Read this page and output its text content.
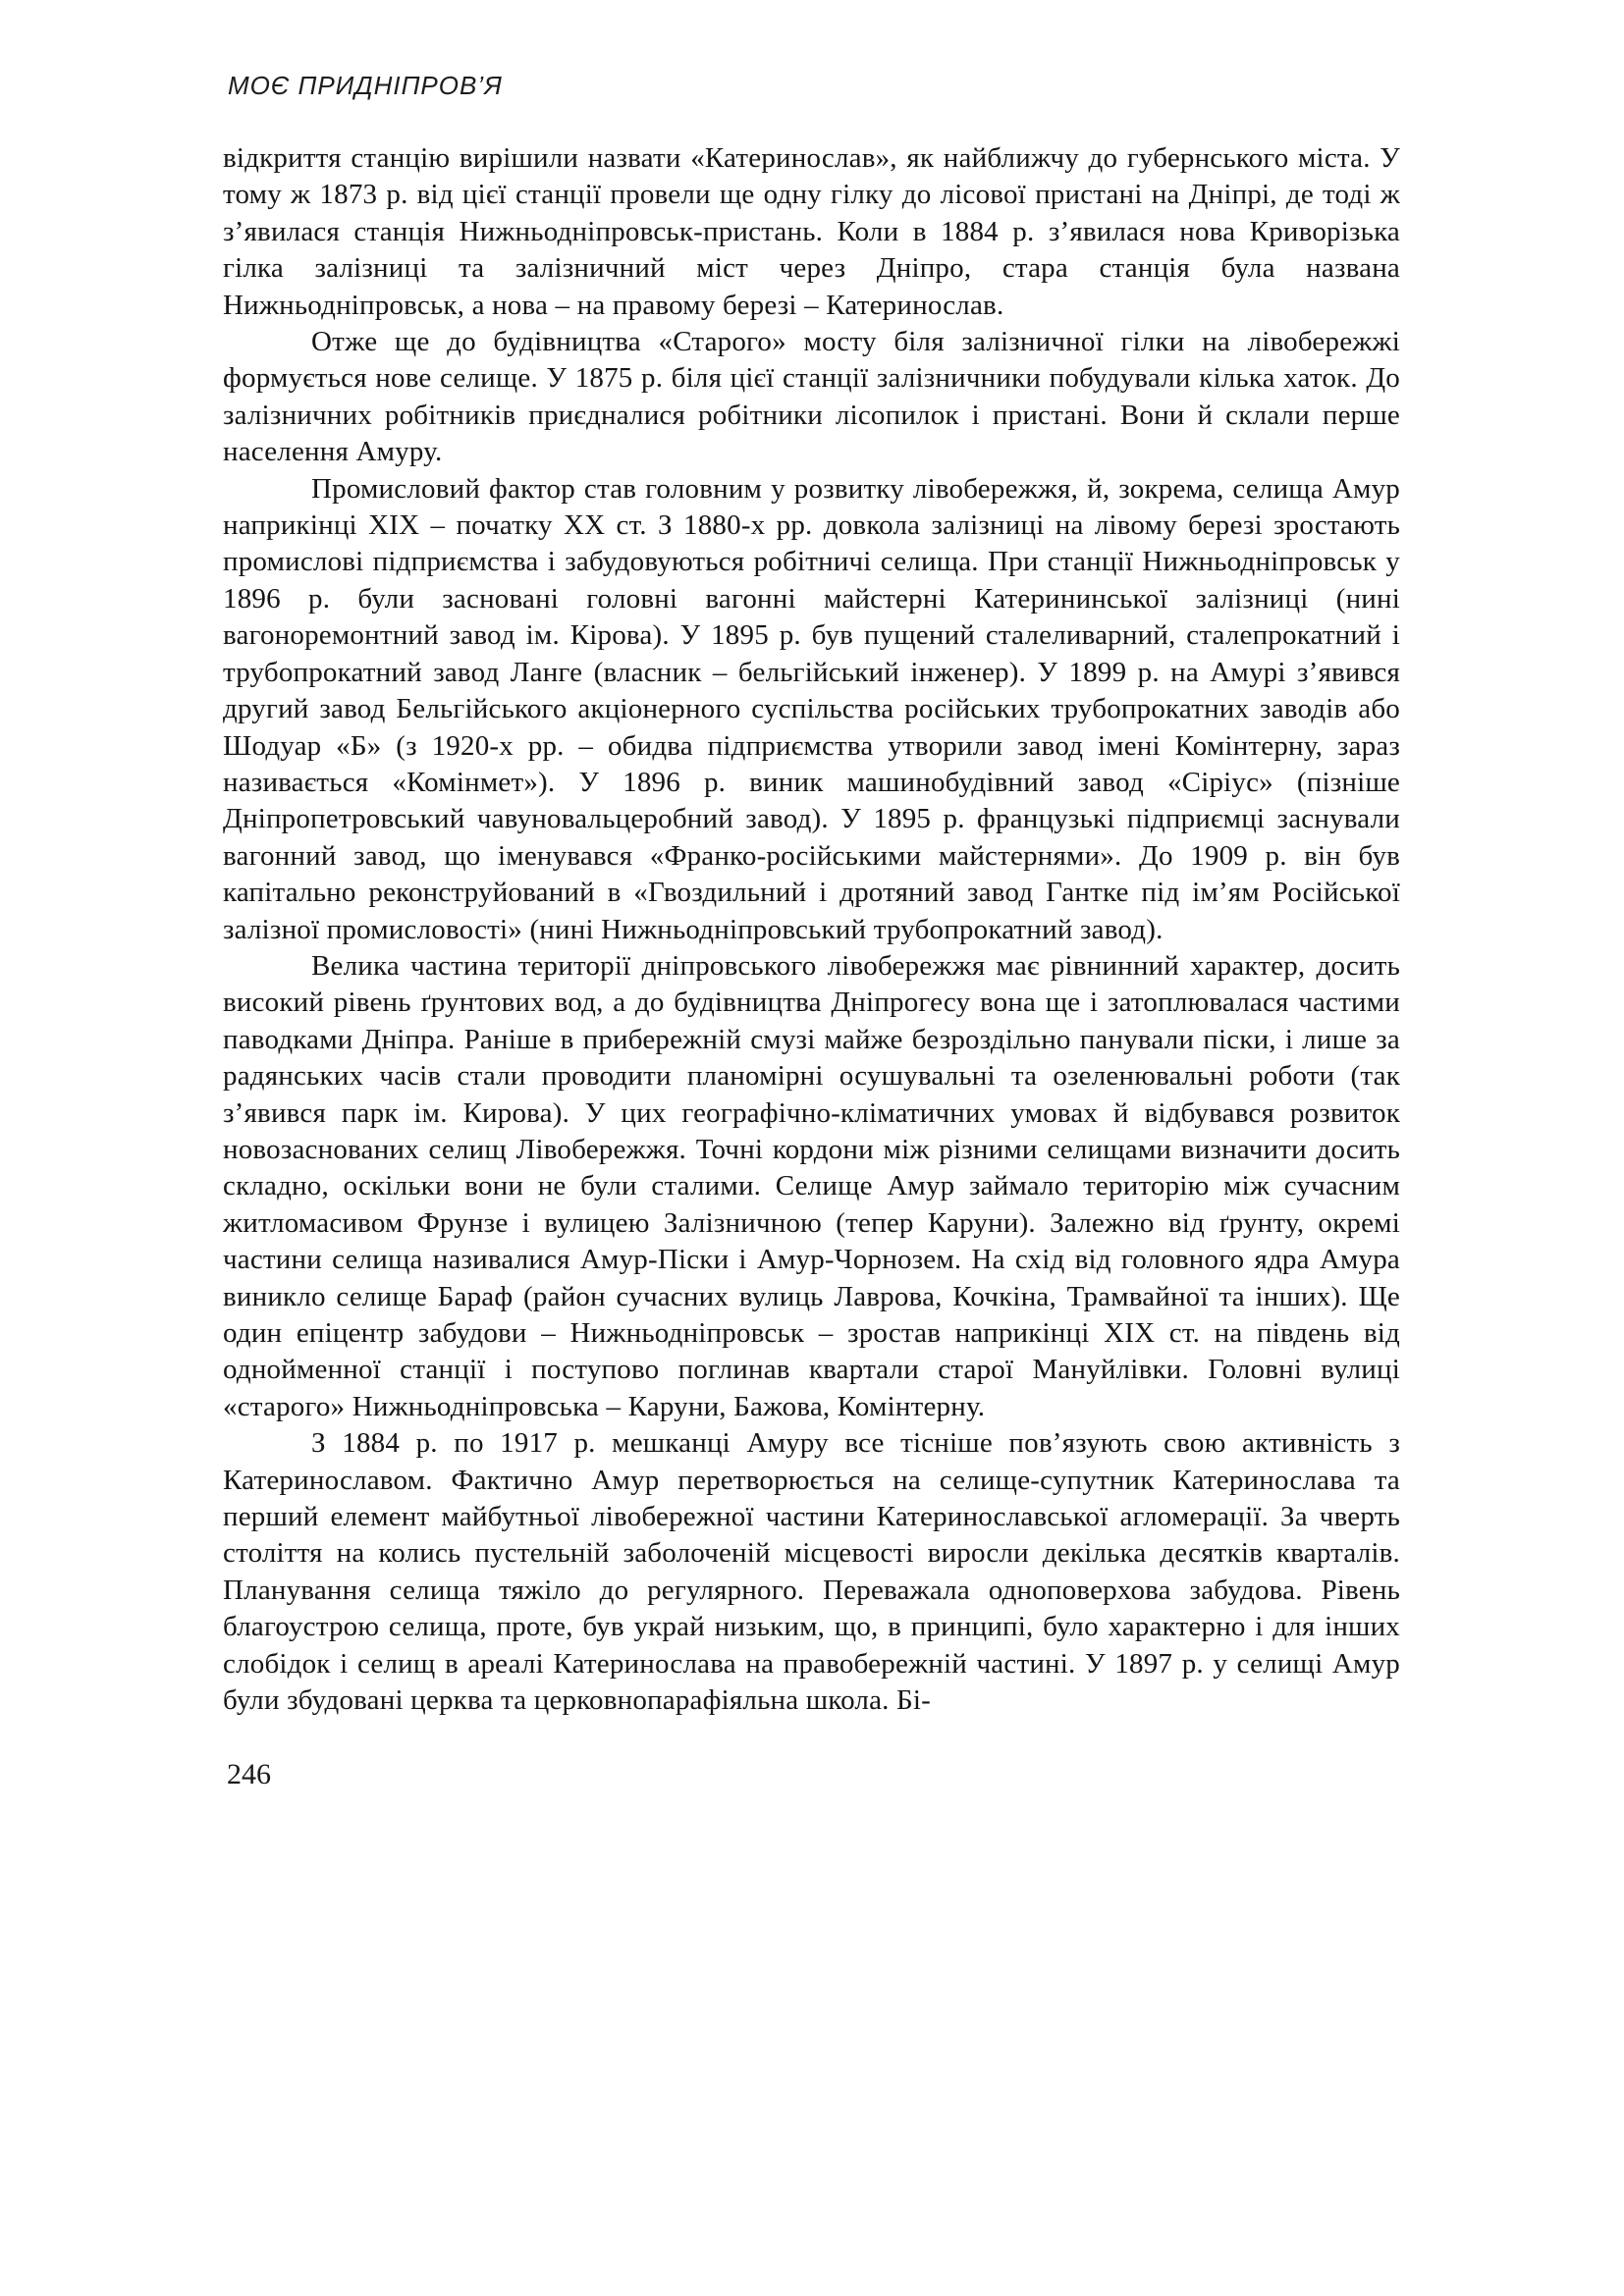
МОЄ ПРИДНІПРОВ’Я

відкриття станцію вирішили назвати «Катеринослав», як найближчу до губернського міста. У тому ж 1873 р. від цієї станції провели ще одну гілку до лісової пристані на Дніпрі, де тоді ж з’явилася станція Нижньодніпровськ-пристань. Коли в 1884 р. з’явилася нова Криворізька гілка залізниці та залізничний міст через Дніпро, стара станція була названа Нижньодніпровськ, а нова – на правому березі – Катеринослав.

Отже ще до будівництва «Старого» мосту біля залізничної гілки на лівобережжі формується нове селище. У 1875 р. біля цієї станції залізничники побудували кілька хаток. До залізничних робітників приєдналися робітники лісопилок і пристані. Вони й склали перше населення Амуру.

Промисловий фактор став головним у розвитку лівобережжя, й, зокрема, селища Амур наприкінці XIX – початку XX ст. З 1880-х рр. довкола залізниці на лівому березі зростають промислові підприємства і забудовуються робітничі селища. При станції Нижньодніпровськ у 1896 р. були засновані головні вагонні майстерні Катерининської залізниці (нині вагоноремонтний завод ім. Кірова). У 1895 р. був пущений сталеливарний, сталепрокатний і трубопрокатний завод Ланге (власник – бельгійський інженер). У 1899 р. на Амурі з’явився другий завод Бельгійського акціонерного суспільства російських трубопрокатних заводів або Шодуар «Б» (з 1920-х рр. – обидва підприємства утворили завод імені Комінтерну, зараз називається «Комінмет»). У 1896 р. виник машинобудівний завод «Сіріус» (пізніше Дніпропетровський чавуновальцеробний завод). У 1895 р. французькі підприємці заснували вагонний завод, що іменувався «Франко-російськими майстернями». До 1909 р. він був капітально реконструйований в «Гвоздильний і дротяний завод Гантке під ім’ям Російської залізної промисловості» (нині Нижньодніпровський трубопрокатний завод).

Велика частина території дніпровського лівобережжя має рівнинний характер, досить високий рівень ґрунтових вод, а до будівництва Дніпрогесу вона ще і затоплювалася частими паводками Дніпра. Раніше в прибережній смузі майже безроздільно панували піски, і лише за радянських часів стали проводити планомірні осушувальні та озеленювальні роботи (так з’явився парк ім. Кирова). У цих географічно-кліматичних умовах й відбувався розвиток новозаснованих селищ Лівобережжя. Точні кордони між різними селищами визначити досить складно, оскільки вони не були сталими. Селище Амур займало територію між сучасним житломасивом Фрунзе і вулицею Залізничною (тепер Каруни). Залежно від ґрунту, окремі частини селища називалися Амур-Піски і Амур-Чорнозем. На схід від головного ядра Амура виникло селище Бараф (район сучасних вулиць Лаврова, Кочкіна, Трамвайної та інших). Ще один епіцентр забудови – Нижньодніпровськ – зростав наприкінці XIX ст. на південь від однойменної станції і поступово поглинав квартали старої Мануйлівки. Головні вулиці «старого» Нижньодніпровська – Каруни, Бажова, Комінтерну.

З 1884 р. по 1917 р. мешканці Амуру все тісніше пов’язують свою активність з Катеринославом. Фактично Амур перетворюється на селище-супутник Катеринослава та перший елемент майбутньої лівобережної частини Катеринославської агломерації. За чверть століття на колись пустельній заболоченій місцевості виросли декілька десятків кварталів. Планування селища тяжіло до регулярного. Переважала одноповерхова забудова. Рівень благоустрою селища, проте, був украй низьким, що, в принципі, було характерно і для інших слобідок і селищ в ареалі Катеринослава на правобережній частині. У 1897 р. у селищі Амур були збудовані церква та церковнопарафіяльна школа. Бі-

246
